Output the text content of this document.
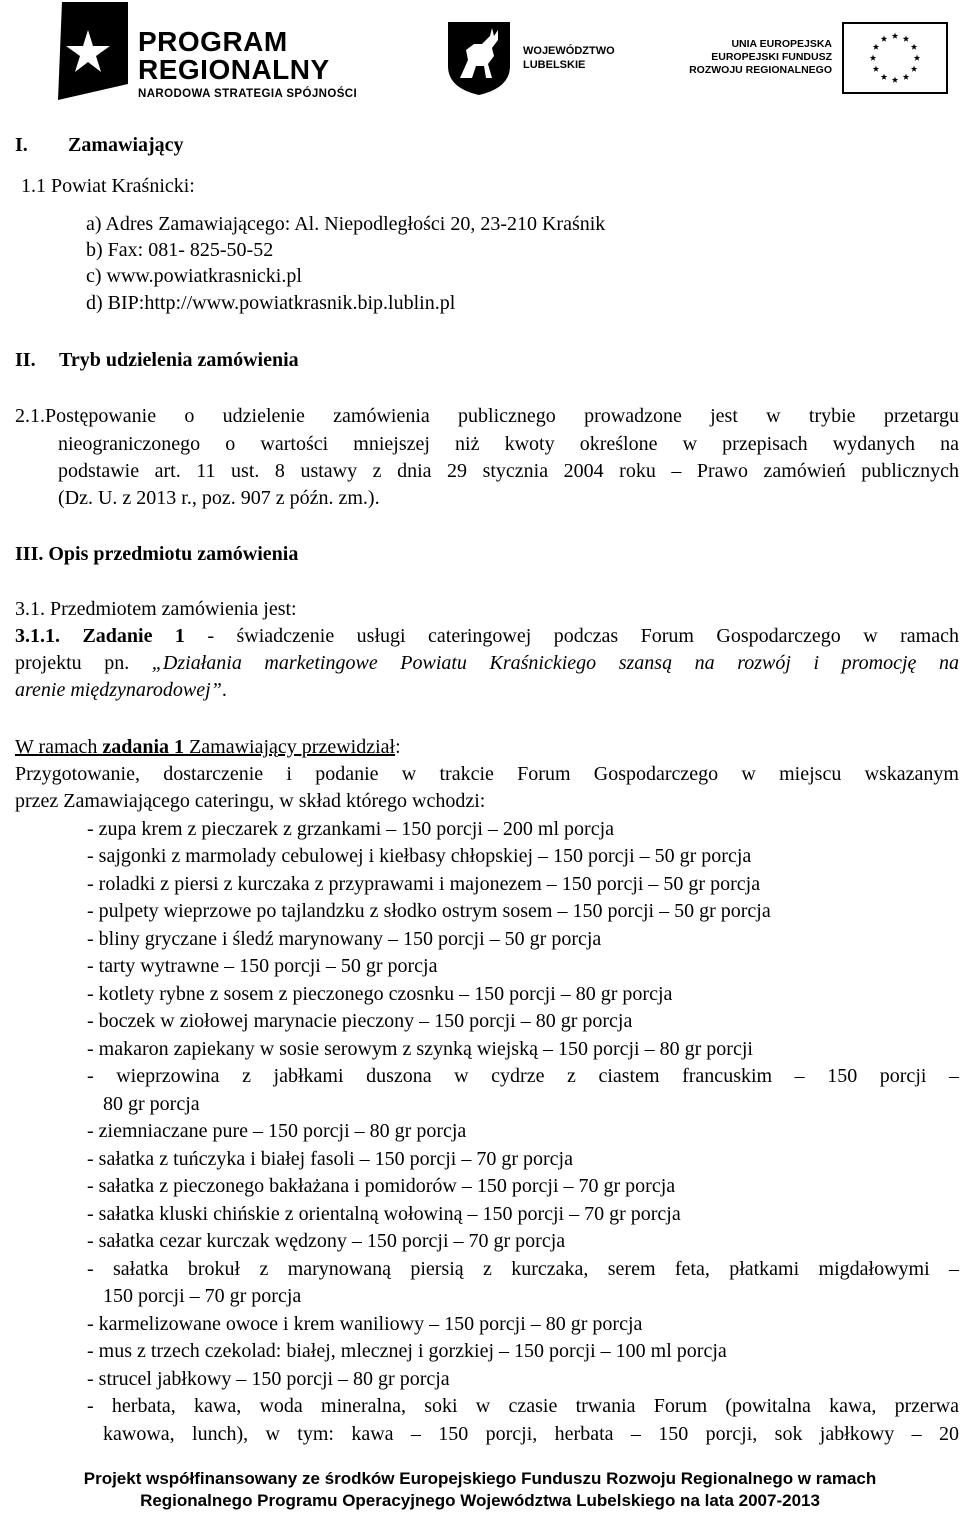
PROGRAM
REGIONALNY
NARODOWA STRATEGIA SPÓJNOŚCI
WOJEWÓDZTWO
LUBELSKIE
UNIA EUROPEJSKA
EUROPEJSKI FUNDUSZ
ROZWOJU REGIONALNEGO
I. Zamawiający
1.1 Powiat Kraśnicki:
a) Adres Zamawiającego: Al. Niepodległości 20, 23-210 Kraśnik
b) Fax: 081- 825-50-52
c) www.powiatkrasnicki.pl
d) BIP:http://www.powiatkrasnik.bip.lublin.pl
II. Tryb udzielenia zamówienia
2.1.Postępowanie o udzielenie zamówienia publicznego prowadzone jest w trybie przetargu
nieograniczonego o wartości mniejszej niż kwoty określone w przepisach wydanych na
podstawie art. 11 ust. 8 ustawy z dnia 29 stycznia 2004 roku – Prawo zamówień publicznych
(Dz. U. z 2013 r., poz. 907 z późn. zm.).
III. Opis przedmiotu zamówienia
3.1. Przedmiotem zamówienia jest:
3.1.1. Zadanie 1 - świadczenie usługi cateringowej podczas Forum Gospodarczego w ramach
projektu pn. „Działania marketingowe Powiatu Kraśnickiego szansą na rozwój i promocję na
arenie międzynarodowej”.
W ramach zadania 1 Zamawiający przewidział:
Przygotowanie, dostarczenie i podanie w trakcie Forum Gospodarczego w miejscu wskazanym
przez Zamawiającego cateringu, w skład którego wchodzi:
- zupa krem z pieczarek z grzankami – 150 porcji – 200 ml porcja
- sajgonki z marmolady cebulowej i kiełbasy chłopskiej – 150 porcji – 50 gr porcja
- roladki z piersi z kurczaka z przyprawami i majonezem – 150 porcji – 50 gr porcja
- pulpety wieprzowe po tajlandzku z słodko ostrym sosem – 150 porcji – 50 gr porcja
- bliny gryczane i śledź marynowany – 150 porcji – 50 gr porcja
- tarty wytrawne – 150 porcji – 50 gr porcja
- kotlety rybne z sosem z pieczonego czosnku – 150 porcji – 80 gr porcja
- boczek w ziołowej marynacie pieczony – 150 porcji – 80 gr porcja
- makaron zapiekany w sosie serowym z szynką wiejską – 150 porcji – 80 gr porcji
- wieprzowina z jabłkami duszona w cydrze z ciastem francuskim – 150 porcji –
80 gr porcja
- ziemniaczane pure – 150 porcji – 80 gr porcja
- sałatka z tuńczyka i białej fasoli – 150 porcji – 70 gr porcja
- sałatka z pieczonego bakłażana i pomidorów – 150 porcji – 70 gr porcja
- sałatka kluski chińskie z orientalną wołowiną – 150 porcji – 70 gr porcja
- sałatka cezar kurczak wędzony – 150 porcji – 70 gr porcja
- sałatka brokuł z marynowaną piersią z kurczaka, serem feta, płatkami migdałowymi –
150 porcji – 70 gr porcja
- karmelizowane owoce i krem waniliowy – 150 porcji – 80 gr porcja
- mus z trzech czekolad: białej, mlecznej i gorzkiej – 150 porcji – 100 ml porcja
- strucel jabłkowy – 150 porcji – 80 gr porcja
- herbata, kawa, woda mineralna, soki w czasie trwania Forum (powitalna kawa, przerwa
kawowa, lunch), w tym: kawa – 150 porcji, herbata – 150 porcji, sok jabłkowy – 20
Projekt współfinansowany ze środków Europejskiego Funduszu Rozwoju Regionalnego w ramach
Regionalnego Programu Operacyjnego Województwa Lubelskiego na lata 2007-2013
